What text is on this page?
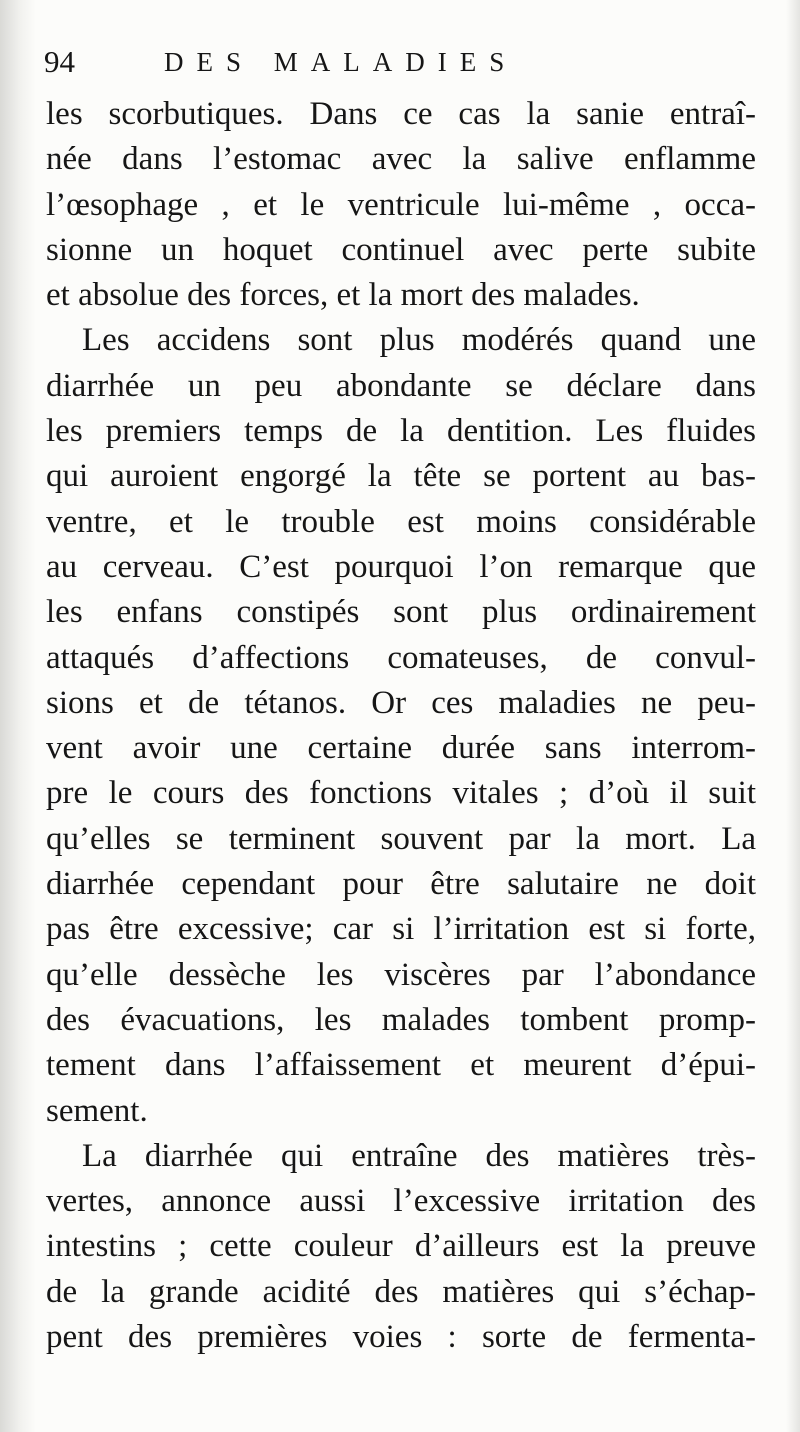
94	DES MALADIES
les scorbutiques. Dans ce cas la sanie entraî-
née dans l’estomac avec la salive enflamme
l’œsophage , et le ventricule lui-même , occa-
sionne un hoquet continuel avec perte subite
et absolue des forces, et la mort des malades.
Les accidens sont plus modérés quand une
diarrhée un peu abondante se déclare dans
les premiers temps de la dentition. Les fluides
qui auroient engorgé la tête se portent au bas-
ventre, et le trouble est moins considérable
au cerveau. C’est pourquoi l’on remarque que
les enfans constipés sont plus ordinairement
attaqués d’affections comateuses, de convul-
sions et de tétanos. Or ces maladies ne peu-
vent avoir une certaine durée sans interrom-
pre le cours des fonctions vitales ; d’où il suit
qu’elles se terminent souvent par la mort. La
diarrhée cependant pour être salutaire ne doit
pas être excessive; car si l’irritation est si forte,
qu’elle dessèche les viscères par l’abondance
des évacuations, les malades tombent promp-
tement dans l’affaissement et meurent d’épui-
sement.
La diarrhée qui entraîne des matières très-
vertes, annonce aussi l’excessive irritation des
intestins ; cette couleur d’ailleurs est la preuve
de la grande acidité des matières qui s’échap-
pent des premières voies : sorte de fermenta-
